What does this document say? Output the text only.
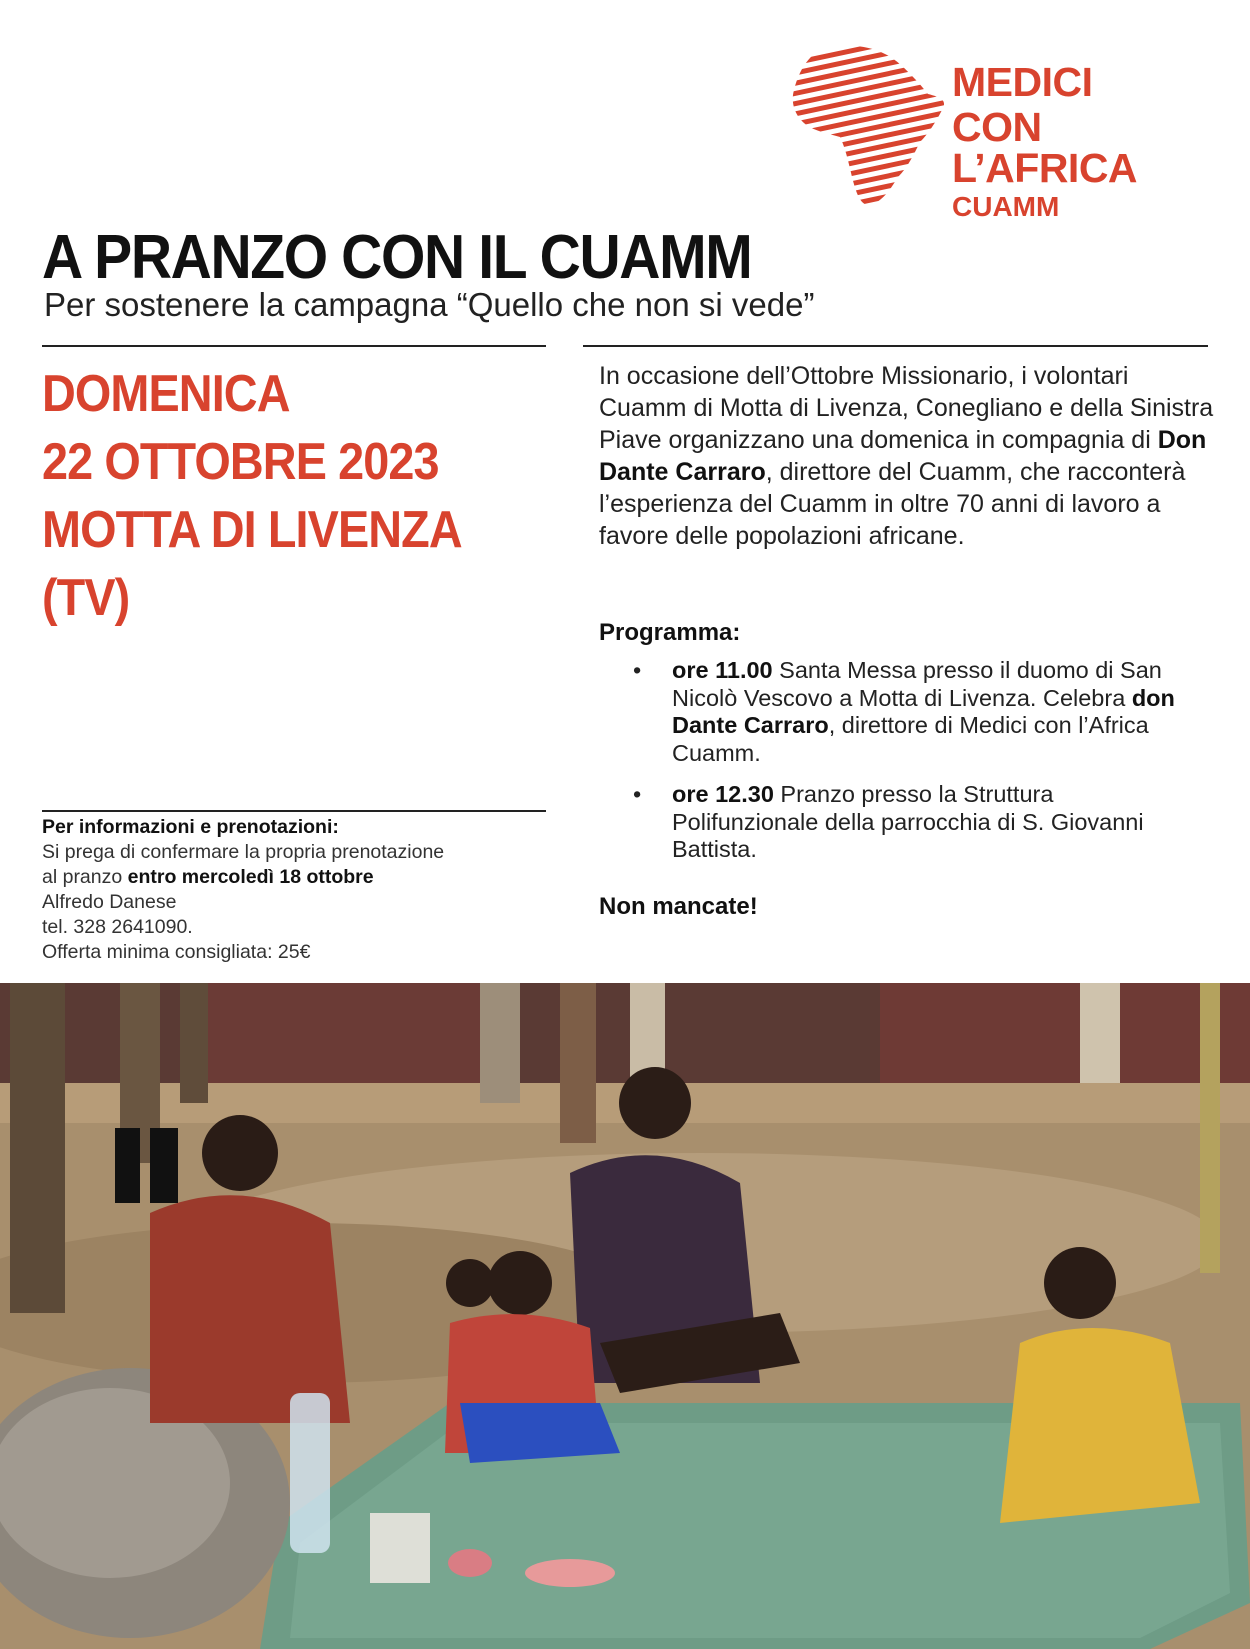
MEDICI
CON L’AFRICA
CUAMM
A PRANZO CON IL CUAMM

Per sostenere la campagna “Quello che non si vede”

DOMENICA
22 OTTOBRE 2023
MOTTA DI LIVENZA
(TV)
In occasione dell’Ottobre Missionario, i volontari Cuamm di Motta di Livenza, Conegliano e della Sinistra Piave organizzano una domenica in compagnia di Don Dante Carraro, direttore del Cuamm, che racconterà l’esperienza del Cuamm in oltre 70 anni di lavoro a favore delle popolazioni africane.
Programma:
• ore 11.00 Santa Messa presso il duomo di San Nicolò Vescovo a Motta di Livenza. Celebra don Dante Carraro, direttore di Medici con l’Africa Cuamm.
• ore 12.30 Pranzo presso la Struttura Polifunzionale della parrocchia di S. Giovanni Battista.
Non mancate!
Per informazioni e prenotazioni:
Si prega di confermare la propria prenotazione
al pranzo entro mercoledì 18 ottobre
Alfredo Danese
tel. 328 2641090.
Offerta minima consigliata: 25€
